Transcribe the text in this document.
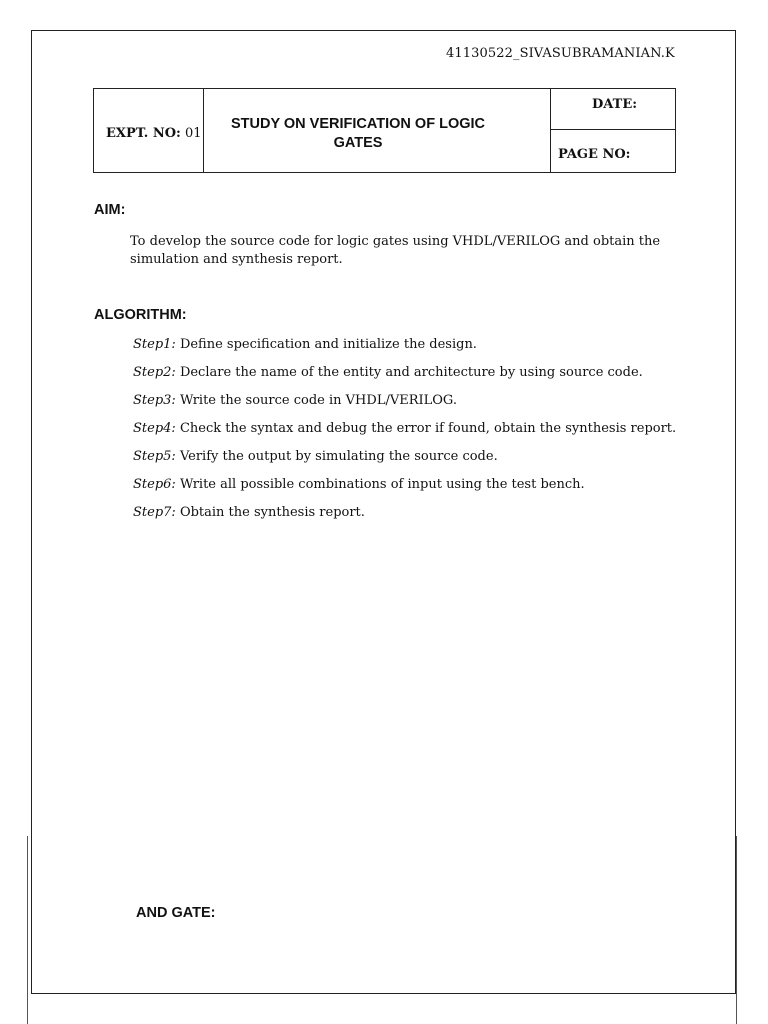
41130522_SIVASUBRAMANIAN.K
EXPT. NO: 01
STUDY ON VERIFICATION OF LOGIC
GATES
DATE:
PAGE NO:
AIM:
To develop the source code for logic gates using VHDL/VERILOG and obtain the simulation and synthesis report.
ALGORITHM:
Step1: Define specification and initialize the design.
Step2: Declare the name of the entity and architecture by using source code.
Step3: Write the source code in VHDL/VERILOG.
Step4: Check the syntax and debug the error if found, obtain the synthesis report.
Step5: Verify the output by simulating the source code.
Step6: Write all possible combinations of input using the test bench.
Step7: Obtain the synthesis report.
AND GATE:
